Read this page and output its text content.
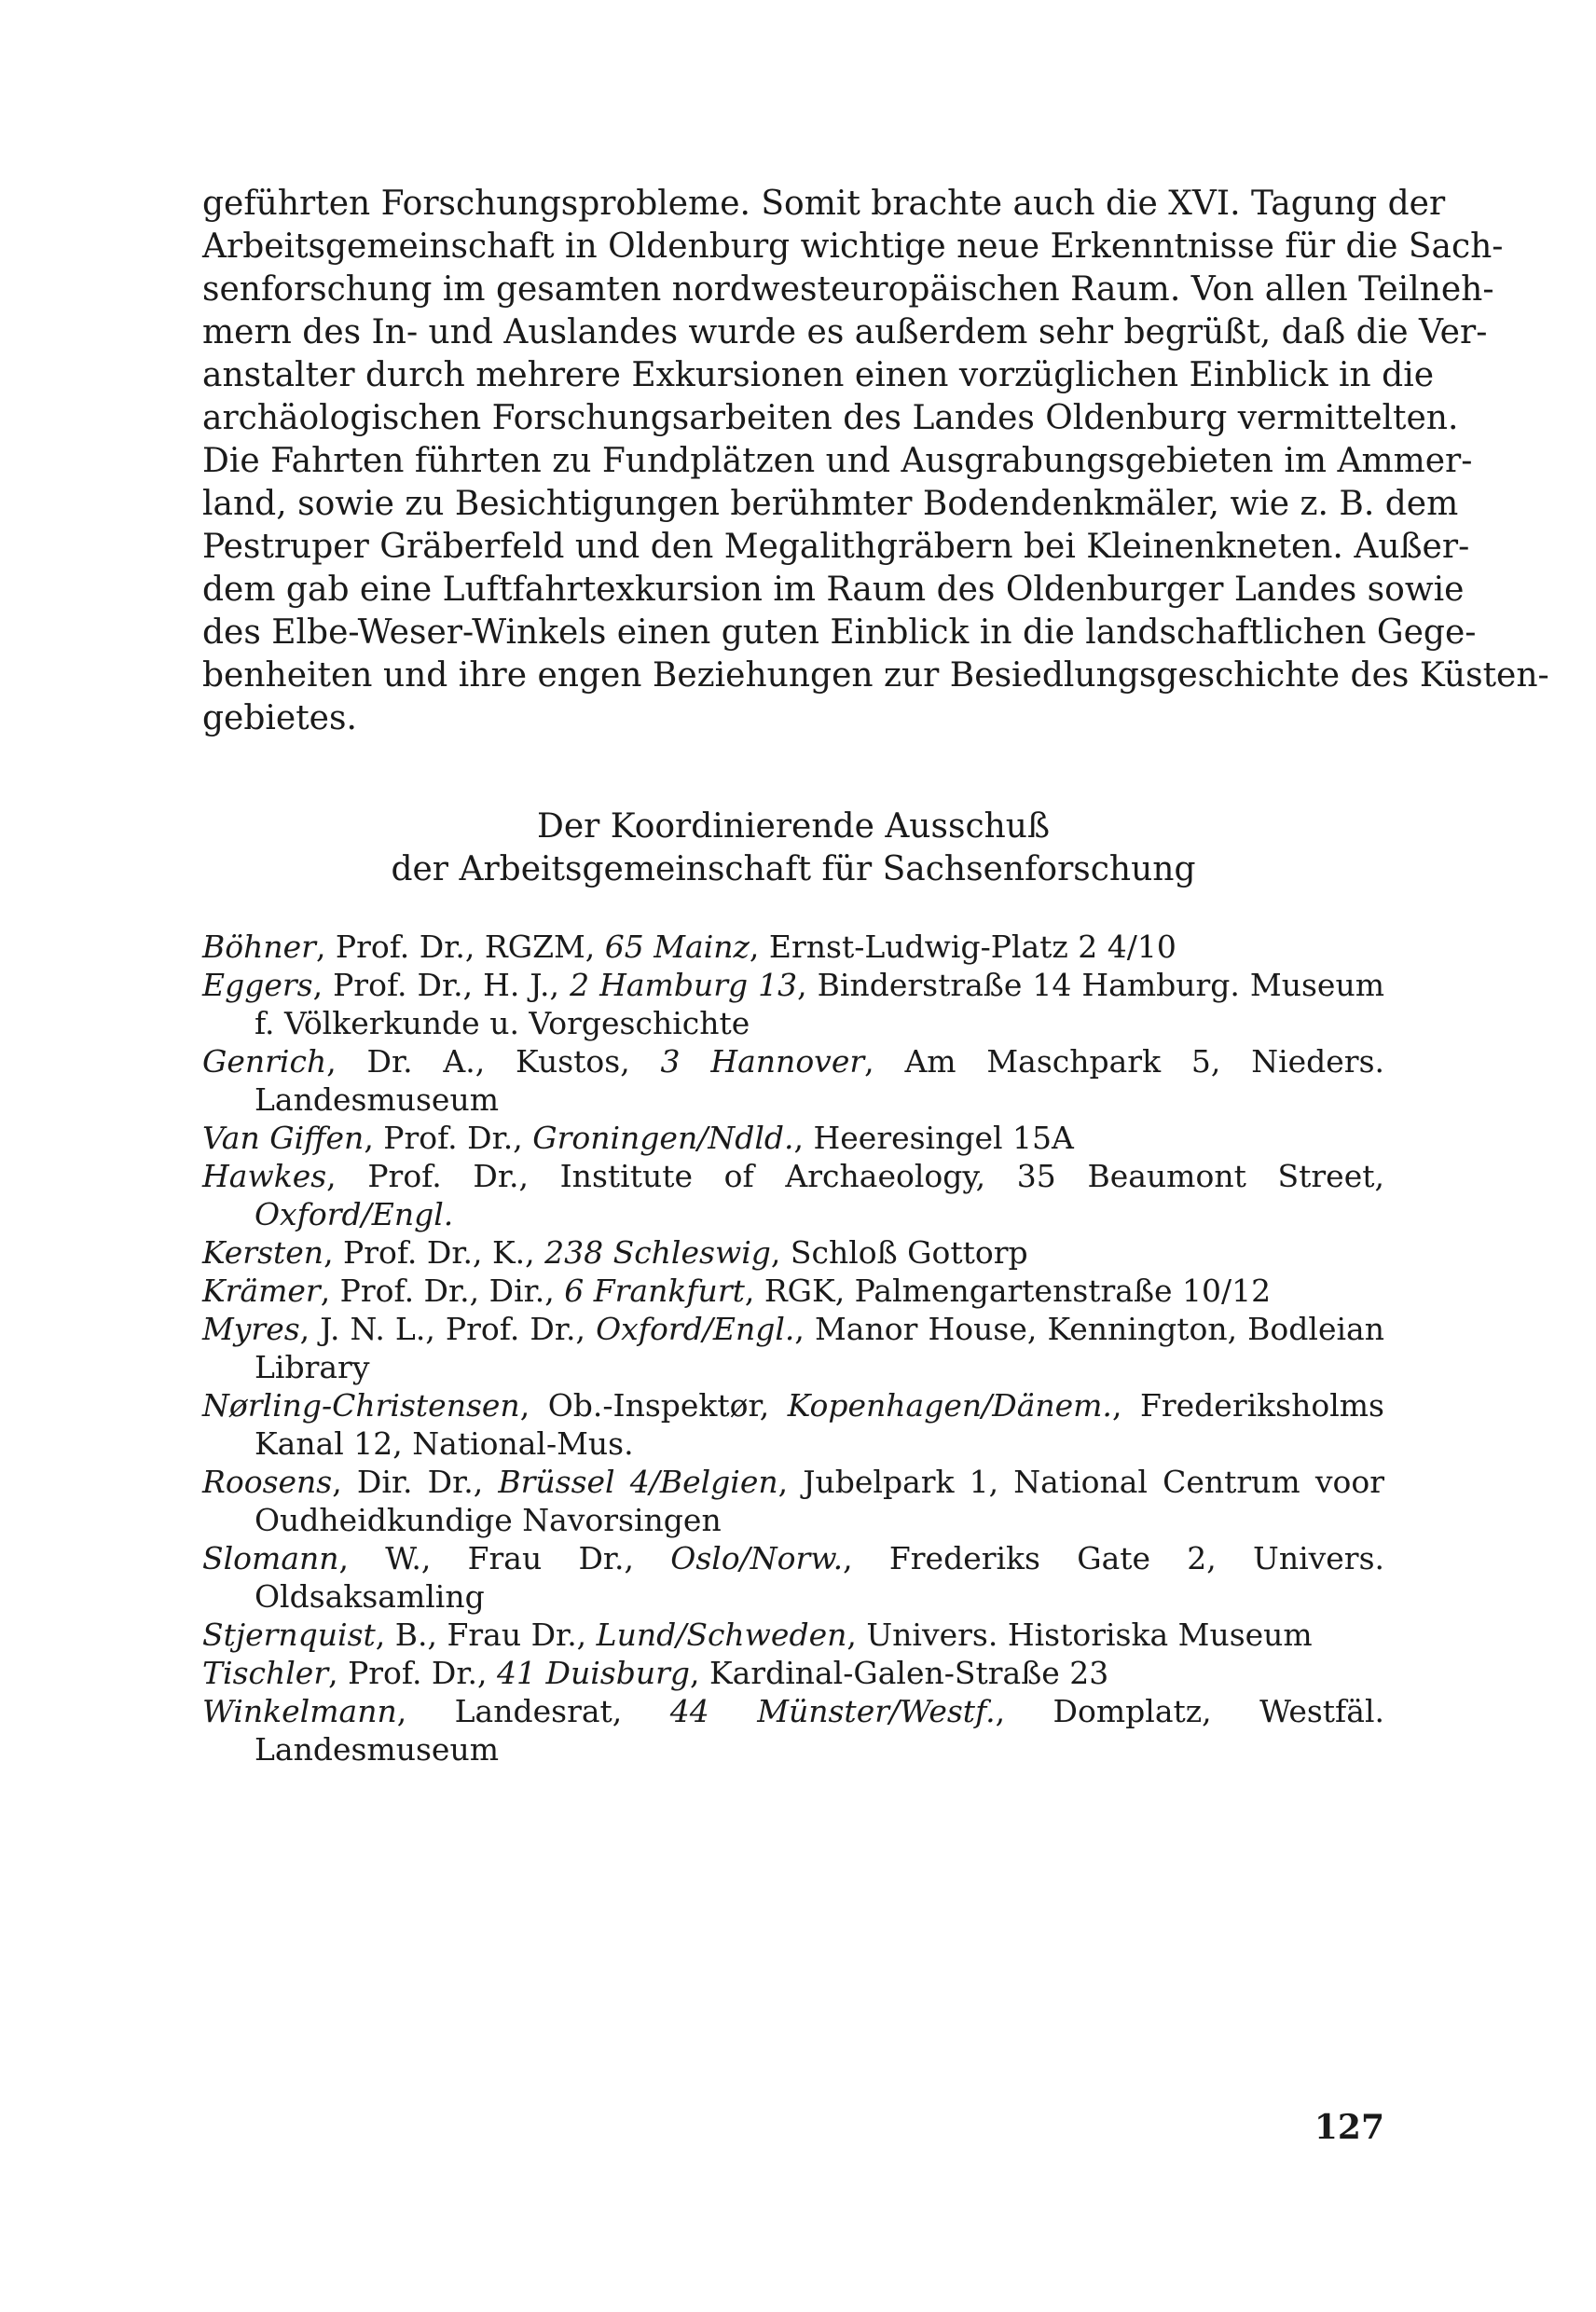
geführten Forschungsprobleme. Somit brachte auch die XVI. Tagung der
Arbeitsgemeinschaft in Oldenburg wichtige neue Erkenntnisse für die Sach-
senforschung im gesamten nordwesteuropäischen Raum. Von allen Teilneh-
mern des In- und Auslandes wurde es außerdem sehr begrüßt, daß die Ver-
anstalter durch mehrere Exkursionen einen vorzüglichen Einblick in die
archäologischen Forschungsarbeiten des Landes Oldenburg vermittelten.
Die Fahrten führten zu Fundplätzen und Ausgrabungsgebieten im Ammer-
land, sowie zu Besichtigungen berühmter Bodendenkmäler, wie z. B. dem
Pestruper Gräberfeld und den Megalithgräbern bei Kleinenkneten. Außer-
dem gab eine Luftfahrtexkursion im Raum des Oldenburger Landes sowie
des Elbe-Weser-Winkels einen guten Einblick in die landschaftlichen Gege-
benheiten und ihre engen Beziehungen zur Besiedlungsgeschichte des Küsten-
gebietes.
Der Koordinierende Ausschuß
der Arbeitsgemeinschaft für Sachsenforschung
Böhner, Prof. Dr., RGZM, 65 Mainz, Ernst-Ludwig-Platz 2 4/10
Eggers, Prof. Dr., H. J., 2 Hamburg 13, Binderstraße 14 Hamburg. Museum f. Völkerkunde u. Vorgeschichte
Genrich, Dr. A., Kustos, 3 Hannover, Am Maschpark 5, Nieders. Landesmuseum
Van Giffen, Prof. Dr., Groningen/Ndld., Heeresingel 15A
Hawkes, Prof. Dr., Institute of Archaeology, 35 Beaumont Street, Oxford/Engl.
Kersten, Prof. Dr., K., 238 Schleswig, Schloß Gottorp
Krämer, Prof. Dr., Dir., 6 Frankfurt, RGK, Palmengartenstraße 10/12
Myres, J. N. L., Prof. Dr., Oxford/Engl., Manor House, Kennington, Bodleian Library
Nørling-Christensen, Ob.-Inspektør, Kopenhagen/Dänem., Frederiksholms Kanal 12, National-Mus.
Roosens, Dir. Dr., Brüssel 4/Belgien, Jubelpark 1, National Centrum voor Oudheidkundige Navorsingen
Slomann, W., Frau Dr., Oslo/Norw., Frederiks Gate 2, Univers. Oldsaksamling
Stjernquist, B., Frau Dr., Lund/Schweden, Univers. Historiska Museum
Tischler, Prof. Dr., 41 Duisburg, Kardinal-Galen-Straße 23
Winkelmann, Landesrat, 44 Münster/Westf., Domplatz, Westfäl. Landesmuseum
127
